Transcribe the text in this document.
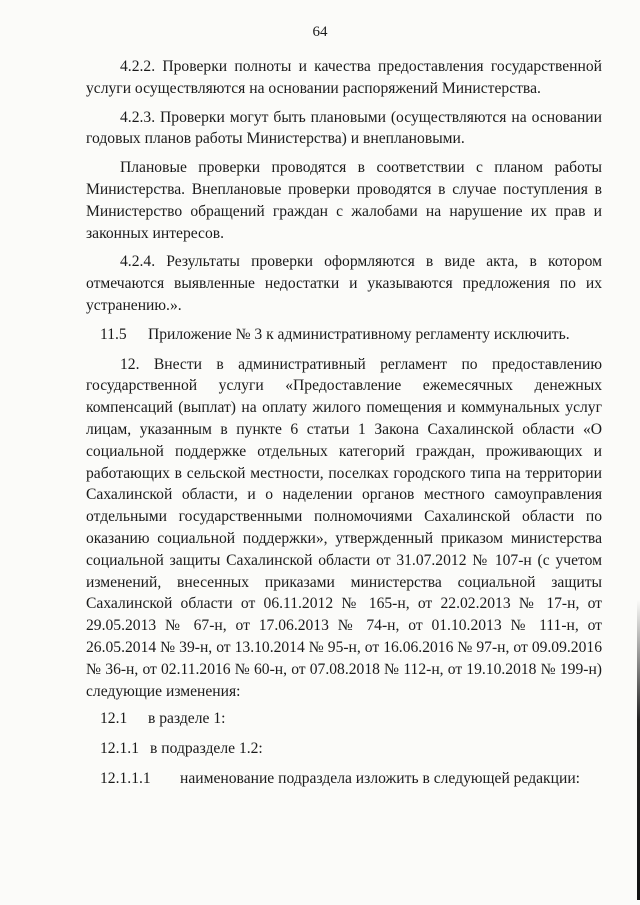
64

4.2.2. Проверки полноты и качества предоставления государственной услуги осуществляются на основании распоряжений Министерства.

4.2.3. Проверки могут быть плановыми (осуществляются на основании годовых планов работы Министерства) и внеплановыми.

Плановые проверки проводятся в соответствии с планом работы Министерства. Внеплановые проверки проводятся в случае поступления в Министерство обращений граждан с жалобами на нарушение их прав и законных интересов.

4.2.4. Результаты проверки оформляются в виде акта, в котором отмечаются выявленные недостатки и указываются предложения по их устранению.».

11.5	Приложение № 3 к административному регламенту исключить.

12. Внести в административный регламент по предоставлению государственной услуги «Предоставление ежемесячных денежных компенсаций (выплат) на оплату жилого помещения и коммунальных услуг лицам, указанным в пункте 6 статьи 1 Закона Сахалинской области «О социальной поддержке отдельных категорий граждан, проживающих и работающих в сельской местности, поселках городского типа на территории Сахалинской области, и о наделении органов местного самоуправления отдельными государственными полномочиями Сахалинской области по оказанию социальной поддержки», утвержденный приказом министерства социальной защиты Сахалинской области от 31.07.2012 № 107-н (с учетом изменений, внесенных приказами министерства социальной защиты Сахалинской области от 06.11.2012 № 165-н, от 22.02.2013 № 17-н, от 29.05.2013 № 67-н, от 17.06.2013 № 74-н, от 01.10.2013 № 111-н, от 26.05.2014 № 39-н, от 13.10.2014 № 95-н, от 16.06.2016 № 97-н, от 09.09.2016 № 36-н, от 02.11.2016 № 60-н, от 07.08.2018 № 112-н, от 19.10.2018 № 199-н) следующие изменения:

12.1	в разделе 1:
12.1.1 в подразделе 1.2:
12.1.1.1	наименование подраздела изложить в следующей редакции:
